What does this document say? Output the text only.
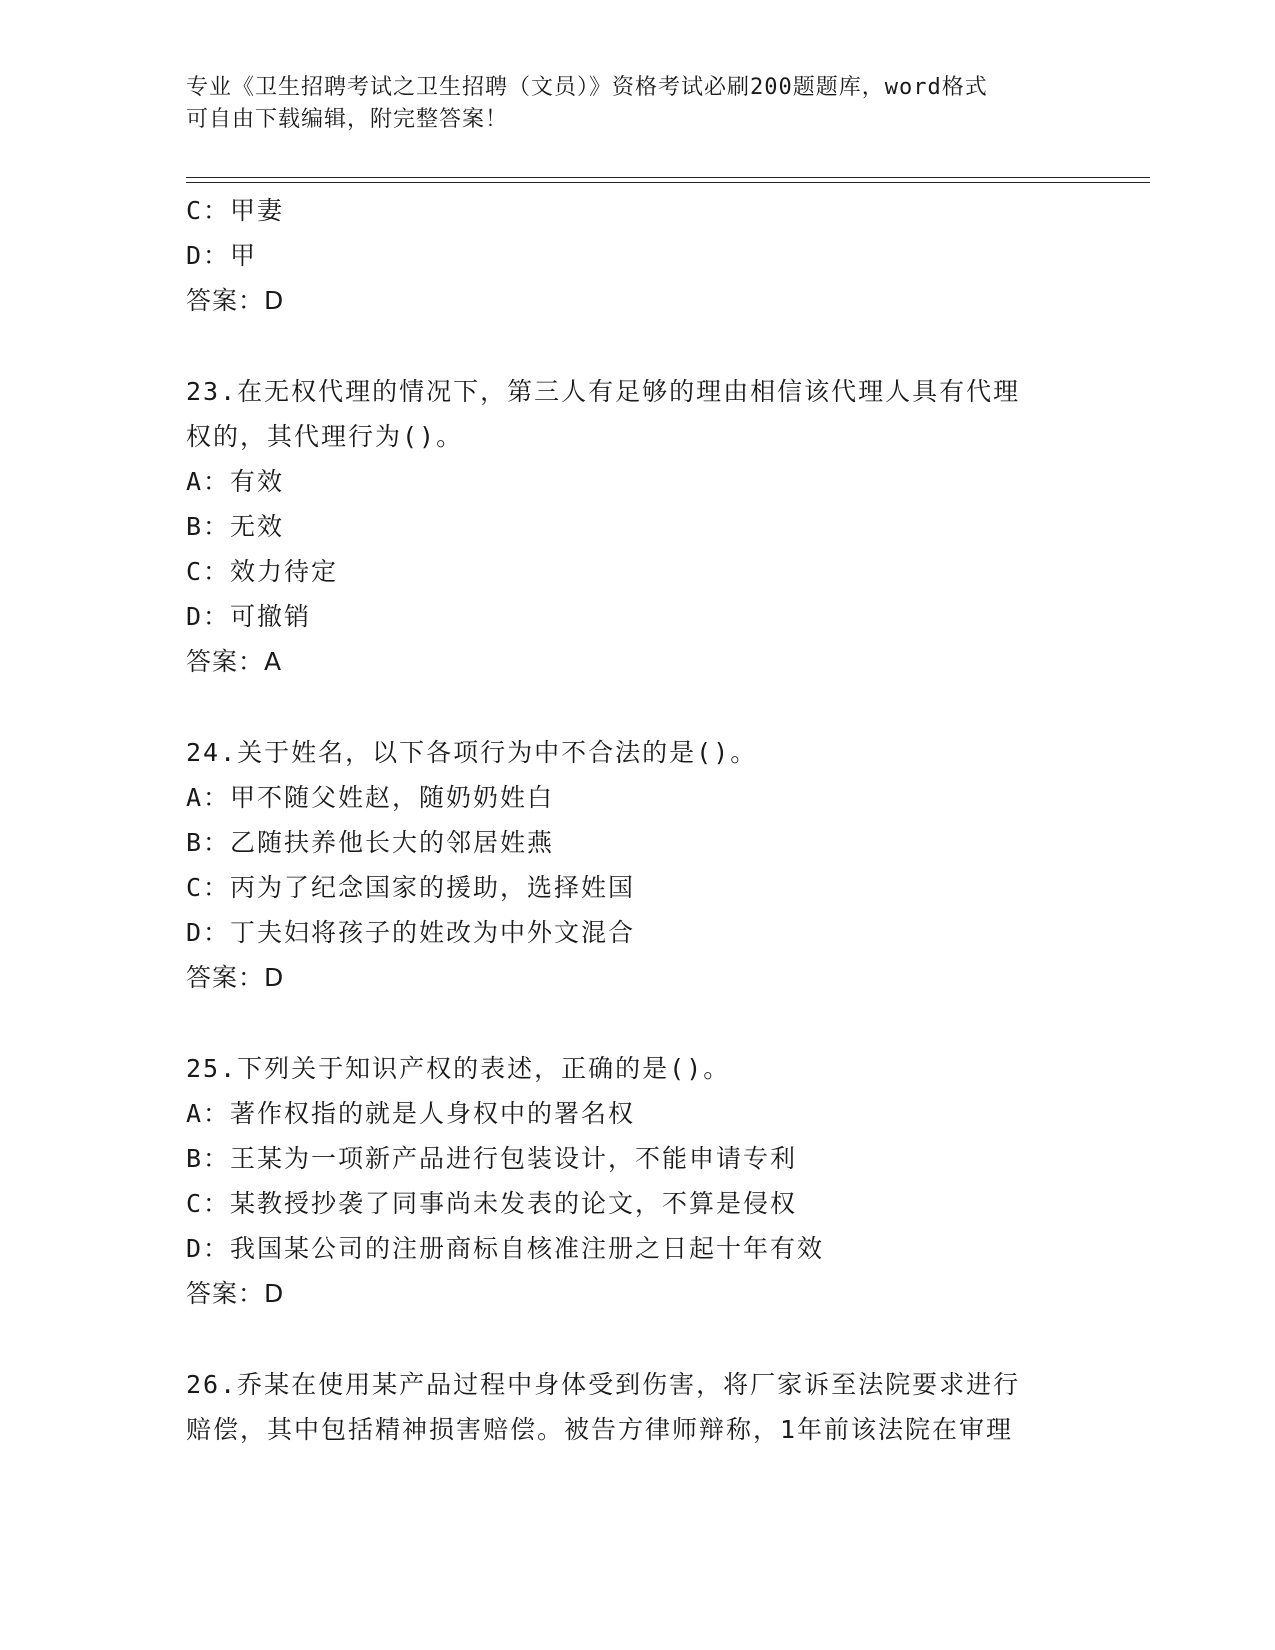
专业《卫生招聘考试之卫生招聘（文员）》资格考试必刷200题题库，word格式
可自由下载编辑，附完整答案！
C：甲妻
D：甲
答案：D
23.在无权代理的情况下，第三人有足够的理由相信该代理人具有代理
权的，其代理行为()。
A：有效
B：无效
C：效力待定
D：可撤销
答案：A
24.关于姓名，以下各项行为中不合法的是()。
A：甲不随父姓赵，随奶奶姓白
B：乙随扶养他长大的邻居姓燕
C：丙为了纪念国家的援助，选择姓国
D：丁夫妇将孩子的姓改为中外文混合
答案：D
25.下列关于知识产权的表述，正确的是()。
A：著作权指的就是人身权中的署名权
B：王某为一项新产品进行包装设计，不能申请专利
C：某教授抄袭了同事尚未发表的论文，不算是侵权
D：我国某公司的注册商标自核准注册之日起十年有效
答案：D
26.乔某在使用某产品过程中身体受到伤害，将厂家诉至法院要求进行
赔偿，其中包括精神损害赔偿。被告方律师辩称，1年前该法院在审理
